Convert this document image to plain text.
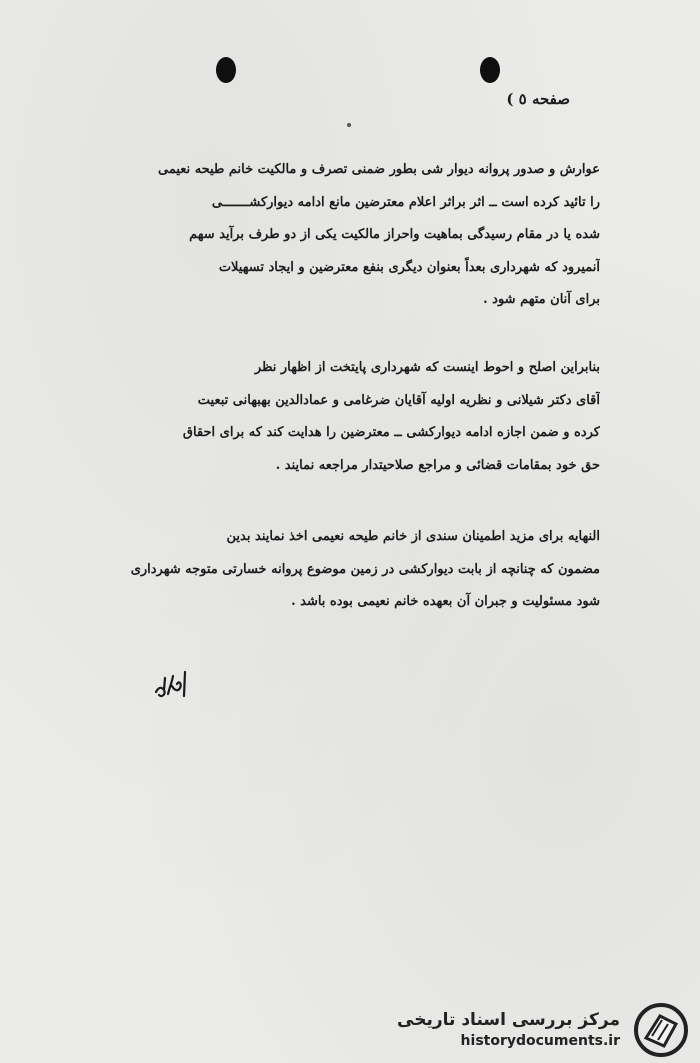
صفحه ٥ )
عوارش و صدور پروانه دیوار شی بطور ضمنی تصرف و مالکیت خانم طیحه نعیمی
را تائید کرده است ــ اثر براثر اعلام معترضین مانع ادامه دیوارکشـــــــی
شده یا در مقام رسیدگی بماهیت واحراز مالکیت یکی از دو طرف برآید سهم
آنمیرود که شهرداری بعداً بعنوان دیگری بنفع معترضین و ایجاد تسهیلات
برای آنان متهم شود .
بنابراین اصلح و احوط اینست که شهرداری پایتخت از اظهار نظر
آقای دکتر شیلانی و نظریه اولیه آقایان ضرغامی و عمادالدین بهبهانی تبعیت
کرده و ضمن اجازه ادامه دیوارکشی ــ معترضین را هدایت کند که برای احقاق
حق خود بمقامات قضائی و مراجع صلاحیتدار مراجعه نمایند .
النهایه برای مزید اطمینان سندی از خانم طیحه نعیمی اخذ نمایند بدین
مضمون که چنانچه از بابت دیوارکشی در زمین موضوع پروانه خسارتی متوجه شهرداری
شود مسئولیت و جبران آن بعهده خانم نعیمی بوده باشد .
مرکز بررسی اسناد تاریخی
historydocuments.ir
